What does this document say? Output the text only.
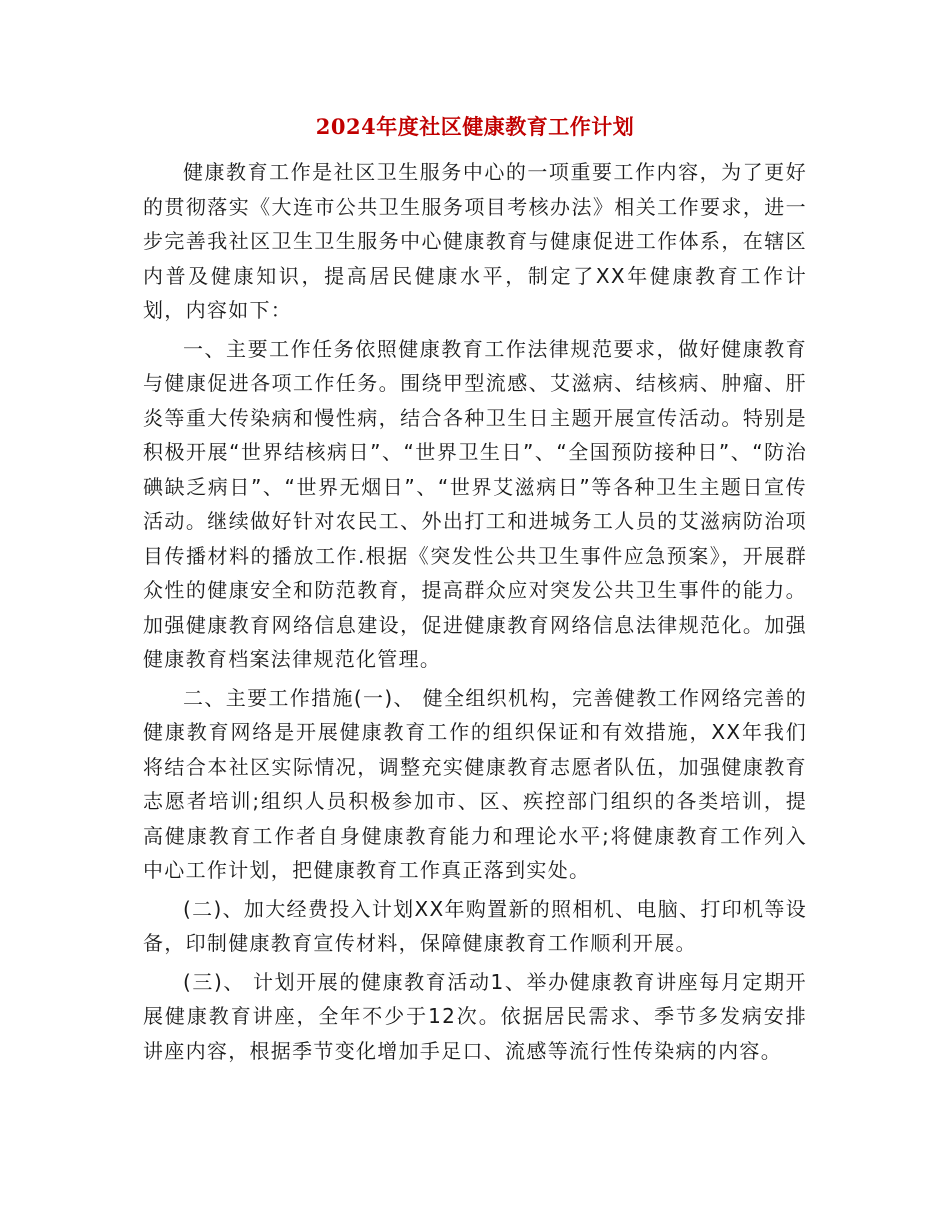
2024年度社区健康教育工作计划

健康教育工作是社区卫生服务中心的一项重要工作内容，为了更好的贯彻落实《大连市公共卫生服务项目考核办法》相关工作要求，进一步完善我社区卫生卫生服务中心健康教育与健康促进工作体系，在辖区内普及健康知识，提高居民健康水平，制定了XX年健康教育工作计划，内容如下：

一、主要工作任务依照健康教育工作法律规范要求，做好健康教育与健康促进各项工作任务。围绕甲型流感、艾滋病、结核病、肿瘤、肝炎等重大传染病和慢性病，结合各种卫生日主题开展宣传活动。特别是积极开展“世界结核病日”、“世界卫生日”、“全国预防接种日”、“防治碘缺乏病日”、“世界无烟日”、“世界艾滋病日”等各种卫生主题日宣传活动。继续做好针对农民工、外出打工和进城务工人员的艾滋病防治项目传播材料的播放工作.根据《突发性公共卫生事件应急预案》，开展群众性的健康安全和防范教育，提高群众应对突发公共卫生事件的能力。加强健康教育网络信息建设，促进健康教育网络信息法律规范化。加强健康教育档案法律规范化管理。

二、主要工作措施(一)、 健全组织机构，完善健教工作网络完善的健康教育网络是开展健康教育工作的组织保证和有效措施，XX年我们将结合本社区实际情况，调整充实健康教育志愿者队伍，加强健康教育志愿者培训;组织人员积极参加市、区、疾控部门组织的各类培训，提高健康教育工作者自身健康教育能力和理论水平;将健康教育工作列入中心工作计划，把健康教育工作真正落到实处。

(二)、加大经费投入计划XX年购置新的照相机、电脑、打印机等设备，印制健康教育宣传材料，保障健康教育工作顺利开展。

(三)、 计划开展的健康教育活动1、举办健康教育讲座每月定期开展健康教育讲座，全年不少于12次。依据居民需求、季节多发病安排讲座内容，根据季节变化增加手足口、流感等流行性传染病的内容。
